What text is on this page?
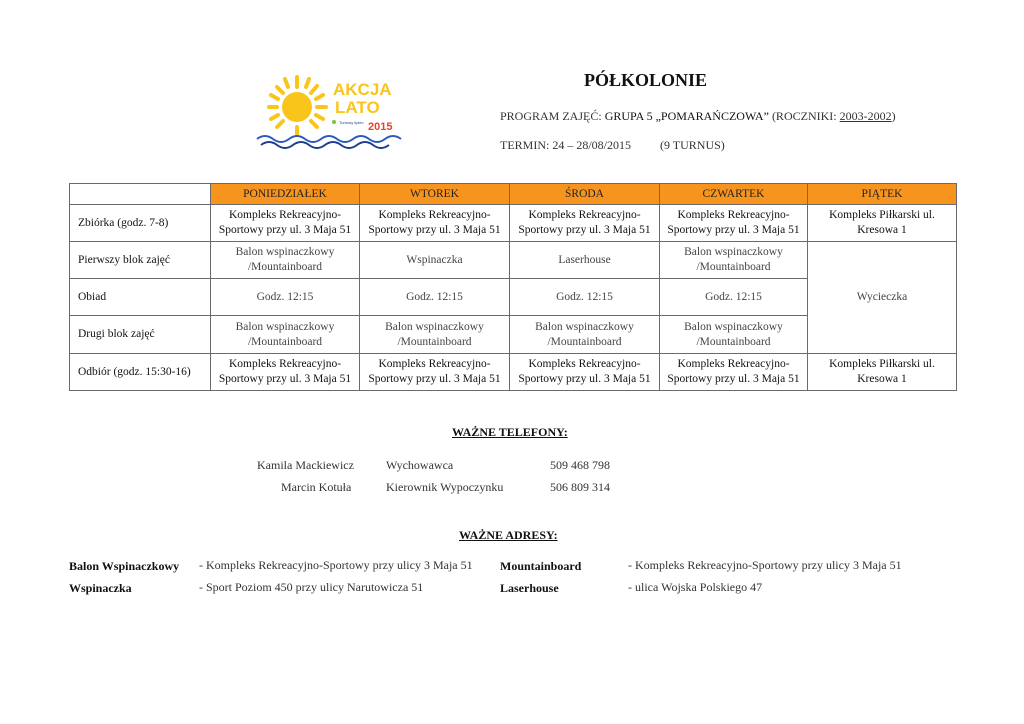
AKCJA
LATO
Turnusy lipiec 2015
PÓŁKOLONIE
PROGRAM ZAJĘĆ: GRUPA 5 „POMARAŃCZOWA” (ROCZNIKI: 2003-2002)
TERMIN: 24 – 28/08/2015 (9 TURNUS)
	PONIEDZIAŁEK	WTOREK	ŚRODA	CZWARTEK	PIĄTEK
Zbiórka (godz. 7-8)	Kompleks Rekreacyjno-Sportowy przy ul. 3 Maja 51	Kompleks Rekreacyjno-Sportowy przy ul. 3 Maja 51	Kompleks Rekreacyjno-Sportowy przy ul. 3 Maja 51	Kompleks Rekreacyjno-Sportowy przy ul. 3 Maja 51	Kompleks Piłkarski ul. Kresowa 1
Pierwszy blok zajęć	Balon wspinaczkowy /Mountainboard	Wspinaczka	Laserhouse	Balon wspinaczkowy /Mountainboard	Wycieczka
Obiad	Godz. 12:15	Godz. 12:15	Godz. 12:15	Godz. 12:15	
Drugi blok zajęć	Balon wspinaczkowy /Mountainboard	Balon wspinaczkowy /Mountainboard	Balon wspinaczkowy /Mountainboard	Balon wspinaczkowy /Mountainboard	
Odbiór (godz. 15:30-16)	Kompleks Rekreacyjno-Sportowy przy ul. 3 Maja 51	Kompleks Rekreacyjno-Sportowy przy ul. 3 Maja 51	Kompleks Rekreacyjno-Sportowy przy ul. 3 Maja 51	Kompleks Rekreacyjno-Sportowy przy ul. 3 Maja 51	Kompleks Piłkarski ul. Kresowa 1
WAŻNE TELEFONY:
Kamila Mackiewicz	Wychowawca	509 468 798
Marcin Kotuła	Kierownik Wypoczynku	506 809 314
WAŻNE ADRESY:
Balon Wspinaczkowy - Kompleks Rekreacyjno-Sportowy przy ulicy 3 Maja 51
Wspinaczka	- Sport Poziom 450 przy ulicy Narutowicza 51
Mountainboard	- Kompleks Rekreacyjno-Sportowy przy ulicy 3 Maja 51
Laserhouse	- ulica Wojska Polskiego 47
